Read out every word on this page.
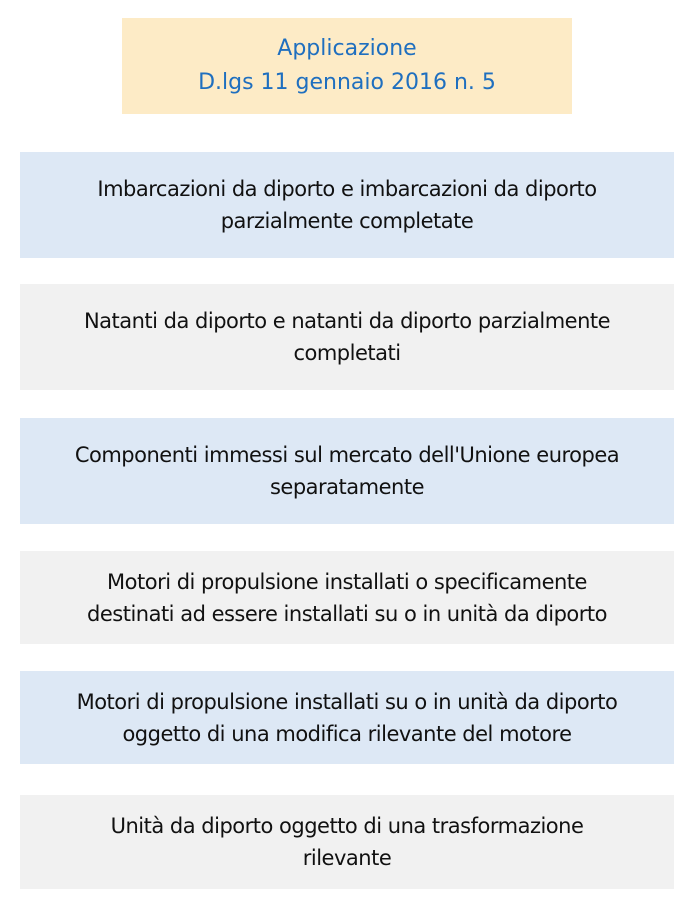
Applicazione
D.lgs 11 gennaio 2016 n. 5
Imbarcazioni da diporto e imbarcazioni da diporto
parzialmente completate
Natanti da diporto e natanti da diporto parzialmente
completati
Componenti immessi sul mercato dell'Unione europea
separatamente
Motori di propulsione installati o specificamente
destinati ad essere installati su o in unità da diporto
Motori di propulsione installati su o in unità da diporto
oggetto di una modifica rilevante del motore
Unità da diporto oggetto di una trasformazione
rilevante
